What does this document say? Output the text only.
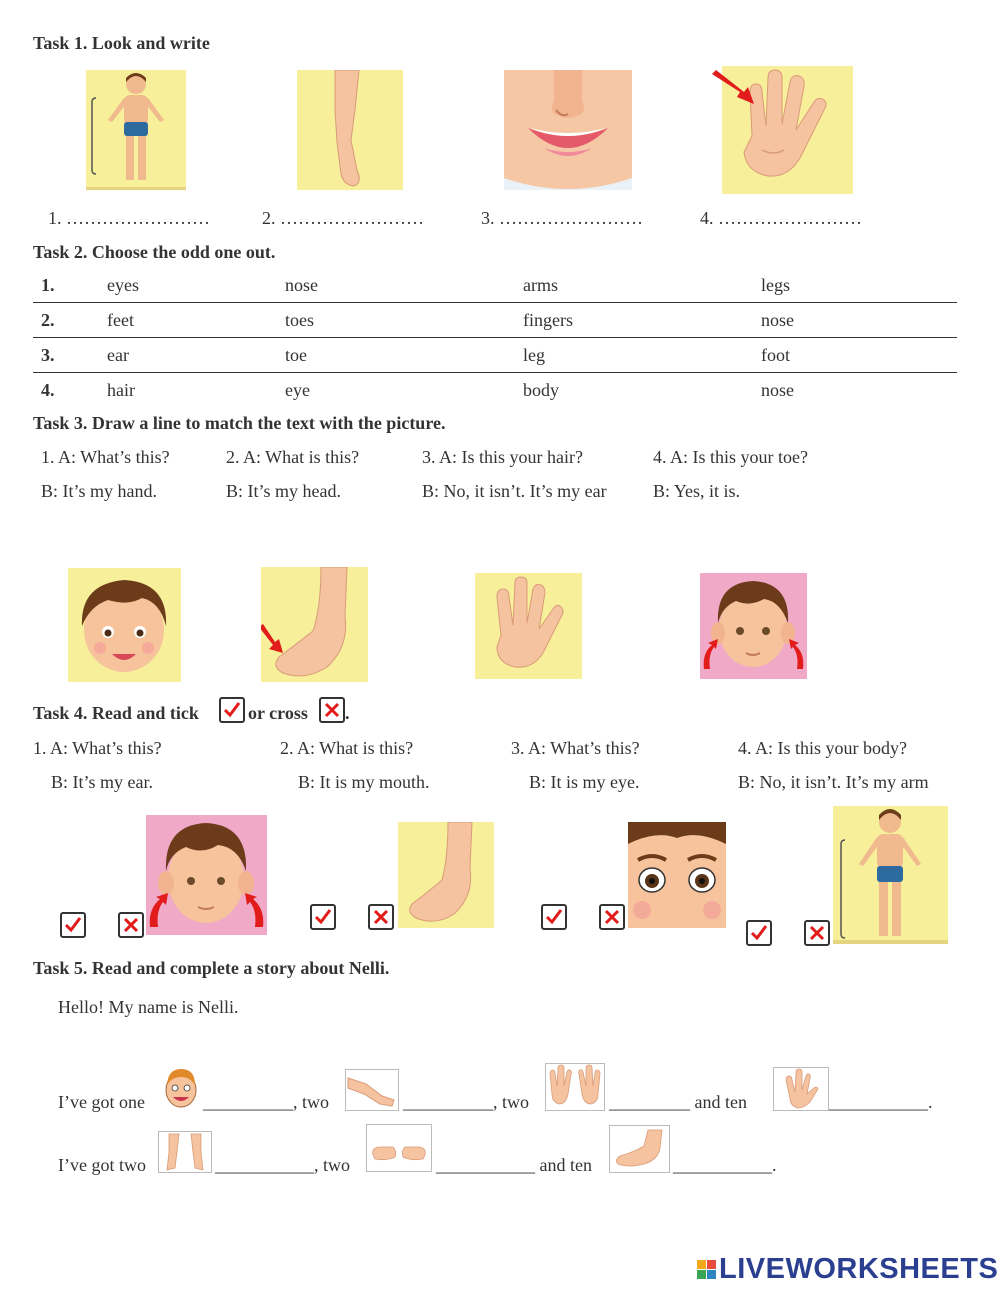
Task 1. Look and write
1. ……………………	2. ……………………	3. ……………………	4. ……………………
Task 2. Choose the odd one out.
1.	eyes	nose	arms	legs
2.	feet	toes	fingers	nose
3.	ear	toe	leg	foot
4.	hair	eye	body	nose
Task 3. Draw a line to match the text with the picture.
1. A: What’s this?
B: It’s my hand.
2. A: What is this?
B: It’s my head.
3. A: Is this your hair?
B: No, it isn’t. It’s my ear
4. A: Is this your toe?
B: Yes, it is.
Task 4. Read and tick	or cross ☒ .
1. A: What’s this?
B: It’s my ear.
2. A: What is this?
B: It is my mouth.
3. A: What’s this?
B: It is my eye.
4. A: Is this your body?
B: No, it isn’t. It’s my arm
Task 5. Read and complete a story about Nelli.
Hello! My name is Nelli.
I’ve got one	__________, two	__________, two	_________ and ten	___________.
I’ve got two	___________, two	___________ and ten	___________.
LIVEWORKSHEETS
